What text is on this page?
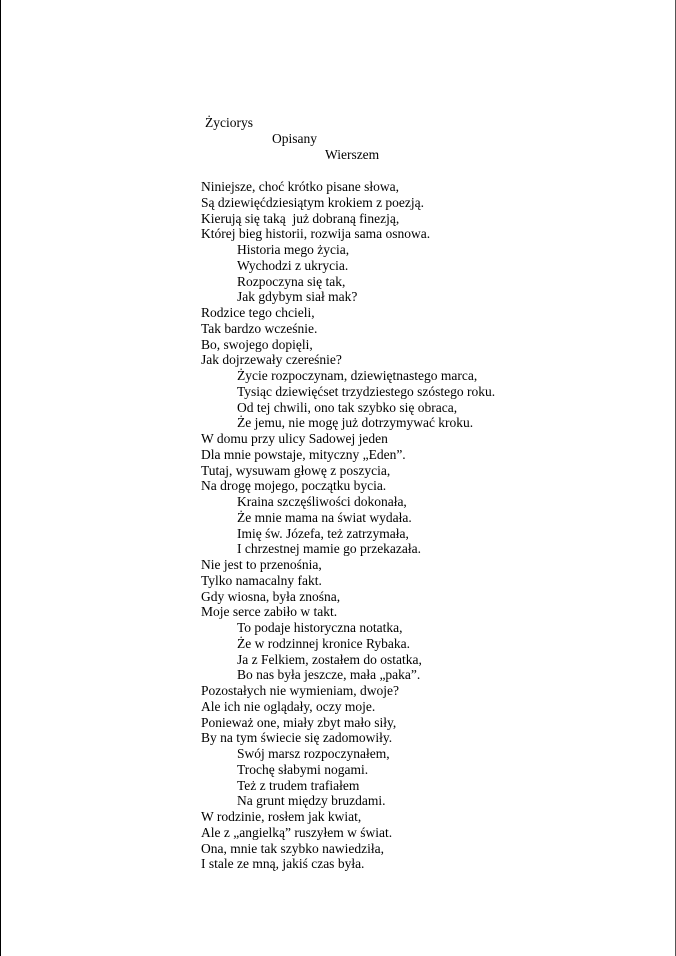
Życiorys
Opisany
Wierszem
Niniejsze, choć krótko pisane słowa,
Są dziewięćdziesiątym krokiem z poezją.
Kierują się taką  już dobraną finezją,
Której bieg historii, rozwija sama osnowa.
Historia mego życia,
Wychodzi z ukrycia.
Rozpoczyna się tak,
Jak gdybym siał mak?
Rodzice tego chcieli,
Tak bardzo wcześnie.
Bo, swojego dopięli,
Jak dojrzewały czereśnie?
Życie rozpoczynam, dziewiętnastego marca,
Tysiąc dziewięćset trzydziestego szóstego roku.
Od tej chwili, ono tak szybko się obraca,
Że jemu, nie mogę już dotrzymywać kroku.
W domu przy ulicy Sadowej jeden
Dla mnie powstaje, mityczny „Eden”.
Tutaj, wysuwam głowę z poszycia,
Na drogę mojego, początku bycia.
Kraina szczęśliwości dokonała,
Że mnie mama na świat wydała.
Imię św. Józefa, też zatrzymała,
I chrzestnej mamie go przekazała.
Nie jest to przenośnia,
Tylko namacalny fakt.
Gdy wiosna, była znośna,
Moje serce zabiło w takt.
To podaje historyczna notatka,
Że w rodzinnej kronice Rybaka.
Ja z Felkiem, zostałem do ostatka,
Bo nas była jeszcze, mała „paka”.
Pozostałych nie wymieniam, dwoje?
Ale ich nie oglądały, oczy moje.
Ponieważ one, miały zbyt mało siły,
By na tym świecie się zadomowiły.
Swój marsz rozpoczynałem,
Trochę słabymi nogami.
Też z trudem trafiałem
Na grunt między bruzdami.
W rodzinie, rosłem jak kwiat,
Ale z „angielką” ruszyłem w świat.
Ona, mnie tak szybko nawiedziła,
I stale ze mną, jakiś czas była.
